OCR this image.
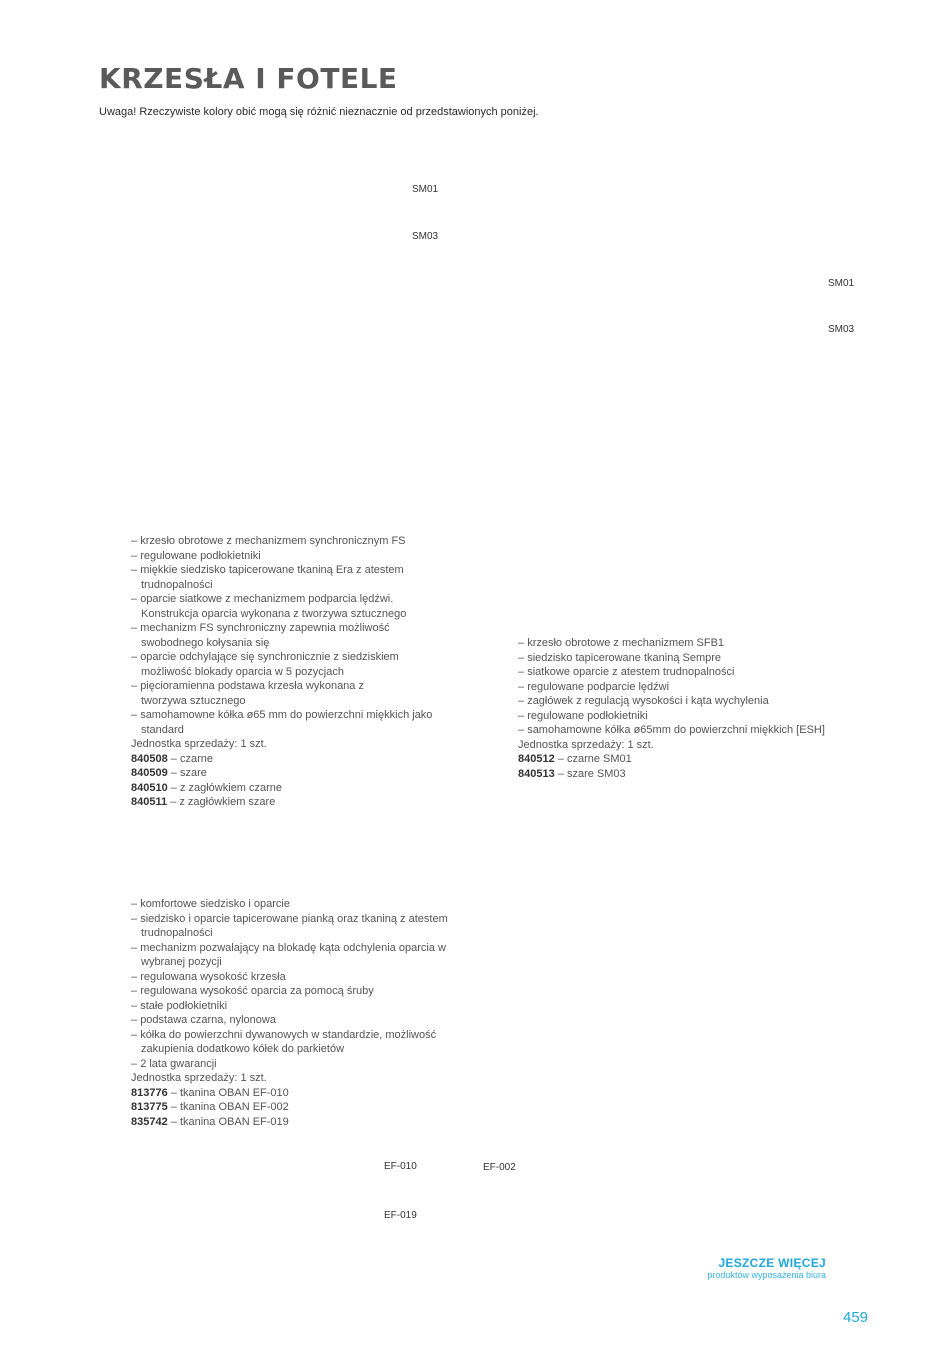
KRZESŁA I FOTELE
Uwaga! Rzeczywiste kolory obić mogą się różnić nieznacznie od przedstawionych poniżej.
SM01
SM03
SM01
SM03
– krzesło obrotowe z mechanizmem synchronicznym FS
– regulowane podłokietniki
– miękkie siedzisko tapicerowane tkaniną Era z atestem trudnopalności
– oparcie siatkowe z mechanizmem podparcia lędźwi. Konstrukcja oparcia wykonana z tworzywa sztucznego
– mechanizm FS synchroniczny zapewnia możliwość swobodnego kołysania się
– oparcie odchylające się synchronicznie z siedziskiem możliwość blokady oparcia w 5 pozycjach
– pięcioramienna podstawa krzesła wykonana z tworzywa sztucznego
– samohamowne kółka ø65 mm do powierzchni miękkich jako standard
Jednostka sprzedaży: 1 szt.
840508 – czarne
840509 – szare
840510 – z zagłówkiem czarne
840511 – z zagłówkiem szare
– krzesło obrotowe z mechanizmem SFB1
– siedzisko tapicerowane tkaniną Sempre
– siatkowe oparcie z atestem trudnopalności
– regulowane podparcie lędźwi
– zagłówek z regulacją wysokości i kąta wychylenia
– regulowane podłokietniki
– samohamowne kółka ø65mm do powierzchni miękkich [ESH]
Jednostka sprzedaży: 1 szt.
840512 – czarne SM01
840513 – szare SM03
– komfortowe siedzisko i oparcie
– siedzisko i oparcie tapicerowane pianką oraz tkaniną z atestem trudnopalności
– mechanizm pozwalający na blokadę kąta odchylenia oparcia w wybranej pozycji
– regulowana wysokość krzesła
– regulowana wysokość oparcia za pomocą śruby
– stałe podłokietniki
– podstawa czarna, nylonowa
– kółka do powierzchni dywanowych w standardzie, możliwość zakupienia dodatkowo kółek do parkietów
– 2 lata gwarancji
Jednostka sprzedaży: 1 szt.
813776 – tkanina OBAN EF-010
813775 – tkanina OBAN EF-002
835742 – tkanina OBAN EF-019
EF-010	EF-002
EF-019
JESZCZE WIĘCEJ
produktów wyposażenia biura
459
